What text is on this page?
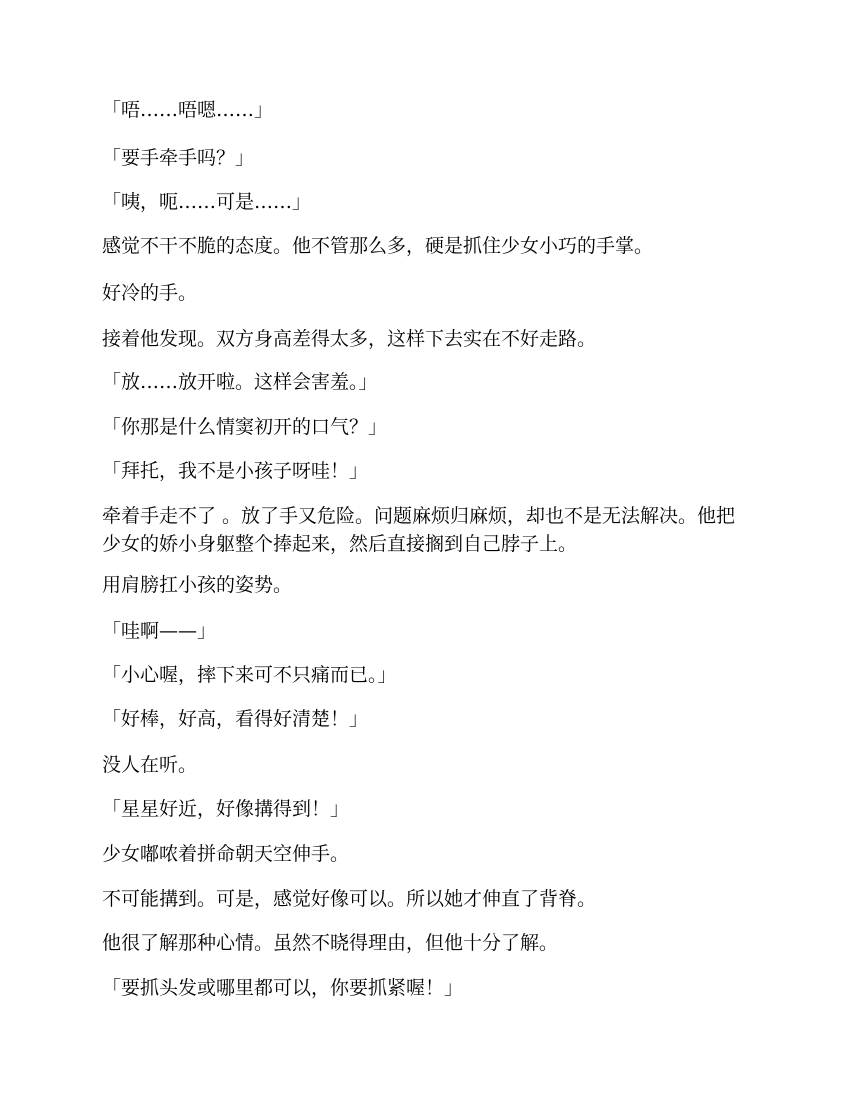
「唔……唔嗯……」

「要手牵手吗？」

「咦，呃……可是……」

感觉不干不脆的态度。他不管那么多，硬是抓住少女小巧的手掌。

好冷的手。

接着他发现。双方身高差得太多，这样下去实在不好走路。

「放……放开啦。这样会害羞。」

「你那是什么情窦初开的口气？」

「拜托，我不是小孩子呀哇！」

牵着手走不了 。放了手又危险。问题麻烦归麻烦，却也不是无法解决。他把少女的娇小身躯整个捧起来，然后直接搁到自己脖子上。

用肩膀扛小孩的姿势。

「哇啊——」

「小心喔，摔下来可不只痛而已。」

「好棒，好高，看得好清楚！」

没人在听。

「星星好近，好像搆得到！」

少女嘟哝着拼命朝天空伸手。

不可能搆到。可是，感觉好像可以。所以她才伸直了背脊。

他很了解那种心情。虽然不晓得理由，但他十分了解。

「要抓头发或哪里都可以，你要抓紧喔！」
